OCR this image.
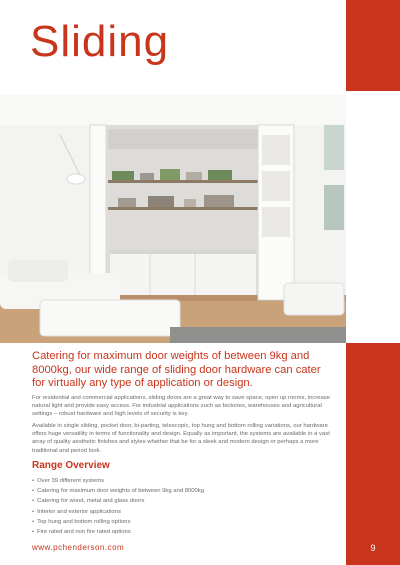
9
Sliding

Catering for maximum door weights of between 9kg and 8000kg, our wide range of sliding door hardware can cater for virtually any type of application or design.

For residential and commercial applications, sliding doors are a great way to save space, open up rooms, increase natural light and provide easy access. For industrial applications such as factories, warehouses and agricultural settings – robust hardware and high levels of security is key.

Available in single sliding, pocket door, bi-parting, telescopic, top hung and bottom rolling variations, our hardware offers huge versatility in terms of functionality and design. Equally as important, the systems are available in a vast array of quality aesthetic finishes and styles whether that be for a sleek and modern design or perhaps a more traditional and period look.

Range Overview
• Over 39 different systems
• Catering for maximum door weights of between 9kg and 8000kg
• Catering for wood, metal and glass doors
• Interior and exterior applications
• Top hung and bottom rolling options
• Fire rated and non fire rated options
www.pchenderson.com
